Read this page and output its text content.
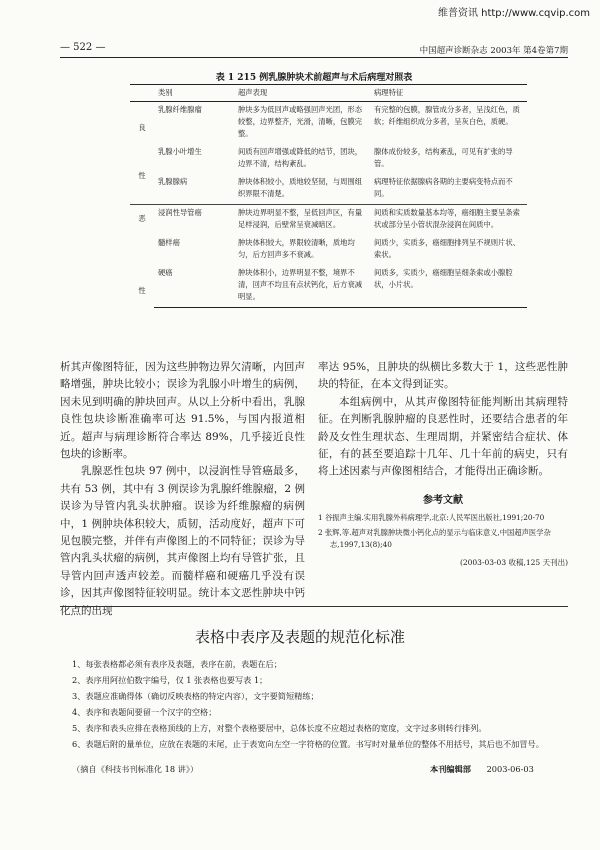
维普资讯 http://www.cqvip.com
— 522 —	中国超声诊断杂志 2003年 第4卷第7期
表 1 215 例乳腺肿块术前超声与术后病理对照表
	类别	超声表现	病理特征
良

性	乳腺纤维腺瘤	肿块多为低回声或略强回声光团，形态较整，边界整齐，光滑，清晰，包膜完整。	有完整的包膜，腺管成分多者，呈浅红色，质软；纤维组织成分多者，呈灰白色，质硬。
	乳腺小叶增生	间质有回声增强或降低的结节，团块，边界不清，结构紊乱。	腺体成份较多，结构紊乱，可见有扩张的导管。
	乳腺腺病	肿块体积较小，质地较坚韧，与周围组织界限不清楚。	病理特征依据腺病各期的主要病变特点而不同。
恶

性	浸润性导管癌	肿块边界明显不整，呈低回声区，有量足样浸润，后壁常呈衰减暗区。	间质和实质数量基本均等，癌细胞主要呈条索状或部分呈小管状混杂浸润在间质中。
	髓样癌	肿块体积较大，界限较清晰，质地均匀，后方回声多不衰减。	间质少，实质多，癌细胞排列呈不规则片状、索状。
	硬癌	肿块体积小，边界明显不整，境界不清，回声不均且有点状钙化，后方衰减明显。	间质多，实质少，癌细胞呈细条索或小腺腔状，小片状。

析其声像图特征，因为这些肿物边界欠清晰，内回声略增强，肿块比较小；误诊为乳腺小叶增生的病例，因未见到明确的肿块回声。从以上分析中看出，乳腺良性包块诊断准确率可达 91.5%，与国内报道相近。超声与病理诊断符合率达 89%，几乎接近良性包块的诊断率。

乳腺恶性包块 97 例中，以浸润性导管癌最多，共有 53 例，其中有 3 例误诊为乳腺纤维腺瘤，2 例误诊为导管内乳头状肿瘤。误诊为纤维腺瘤的病例中，1 例肿块体积较大，质韧，活动度好，超声下可见包膜完整，并伴有声像图上的不同特征；误诊为导管内乳头状瘤的病例，其声像图上均有导管扩张，且导管内回声透声较差。而髓样癌和硬癌几乎没有误诊，因其声像图特征较明显。统计本文恶性肿块中钙化点的出现

率达 95%，且肿块的纵横比多数大于 1，这些恶性肿块的特征，在本文得到证实。

本组病例中，从其声像图特征能判断出其病理特征。在判断乳腺肿瘤的良恶性时，还要结合患者的年龄及女性生理状态、生理周期，并紧密结合症状、体征，有的甚至要追踪十几年、几十年前的病史，只有将上述因素与声像图相结合，才能得出正确诊断。

参考文献

1 谷振声主编.实用乳腺外科病理学,北京:人民军医出版社,1991;20-70

2 张辉,等.超声对乳腺肿块微小钙化点的显示与临床意义,中国超声医学杂志,1997,13(8);40

(2003-03-03 收稿,125 天刊出)
表格中表序及表题的规范化标准
1、每张表格都必须有表序及表题，表序在前，表题在后；
2、表序用阿拉伯数字编号，仅 1 张表格也要写表 1；
3、表题应准确得体（确切反映表格的特定内容），文字要简短精练；
4、表序和表题间要留一个汉字的空格；
5、表序和表头应排在表格顶线的上方，对整个表格要居中，总体长度不应超过表格的宽度，文字过多则转行排列。
6、表题后附的量单位，应放在表题的末尾，止于表宽向左空一字符格的位置。书写时对量单位的整体不用括号，其后也不加冒号。
（摘自《科技书刊标准化 18 讲》）	本刊编辑部 2003-06-03
